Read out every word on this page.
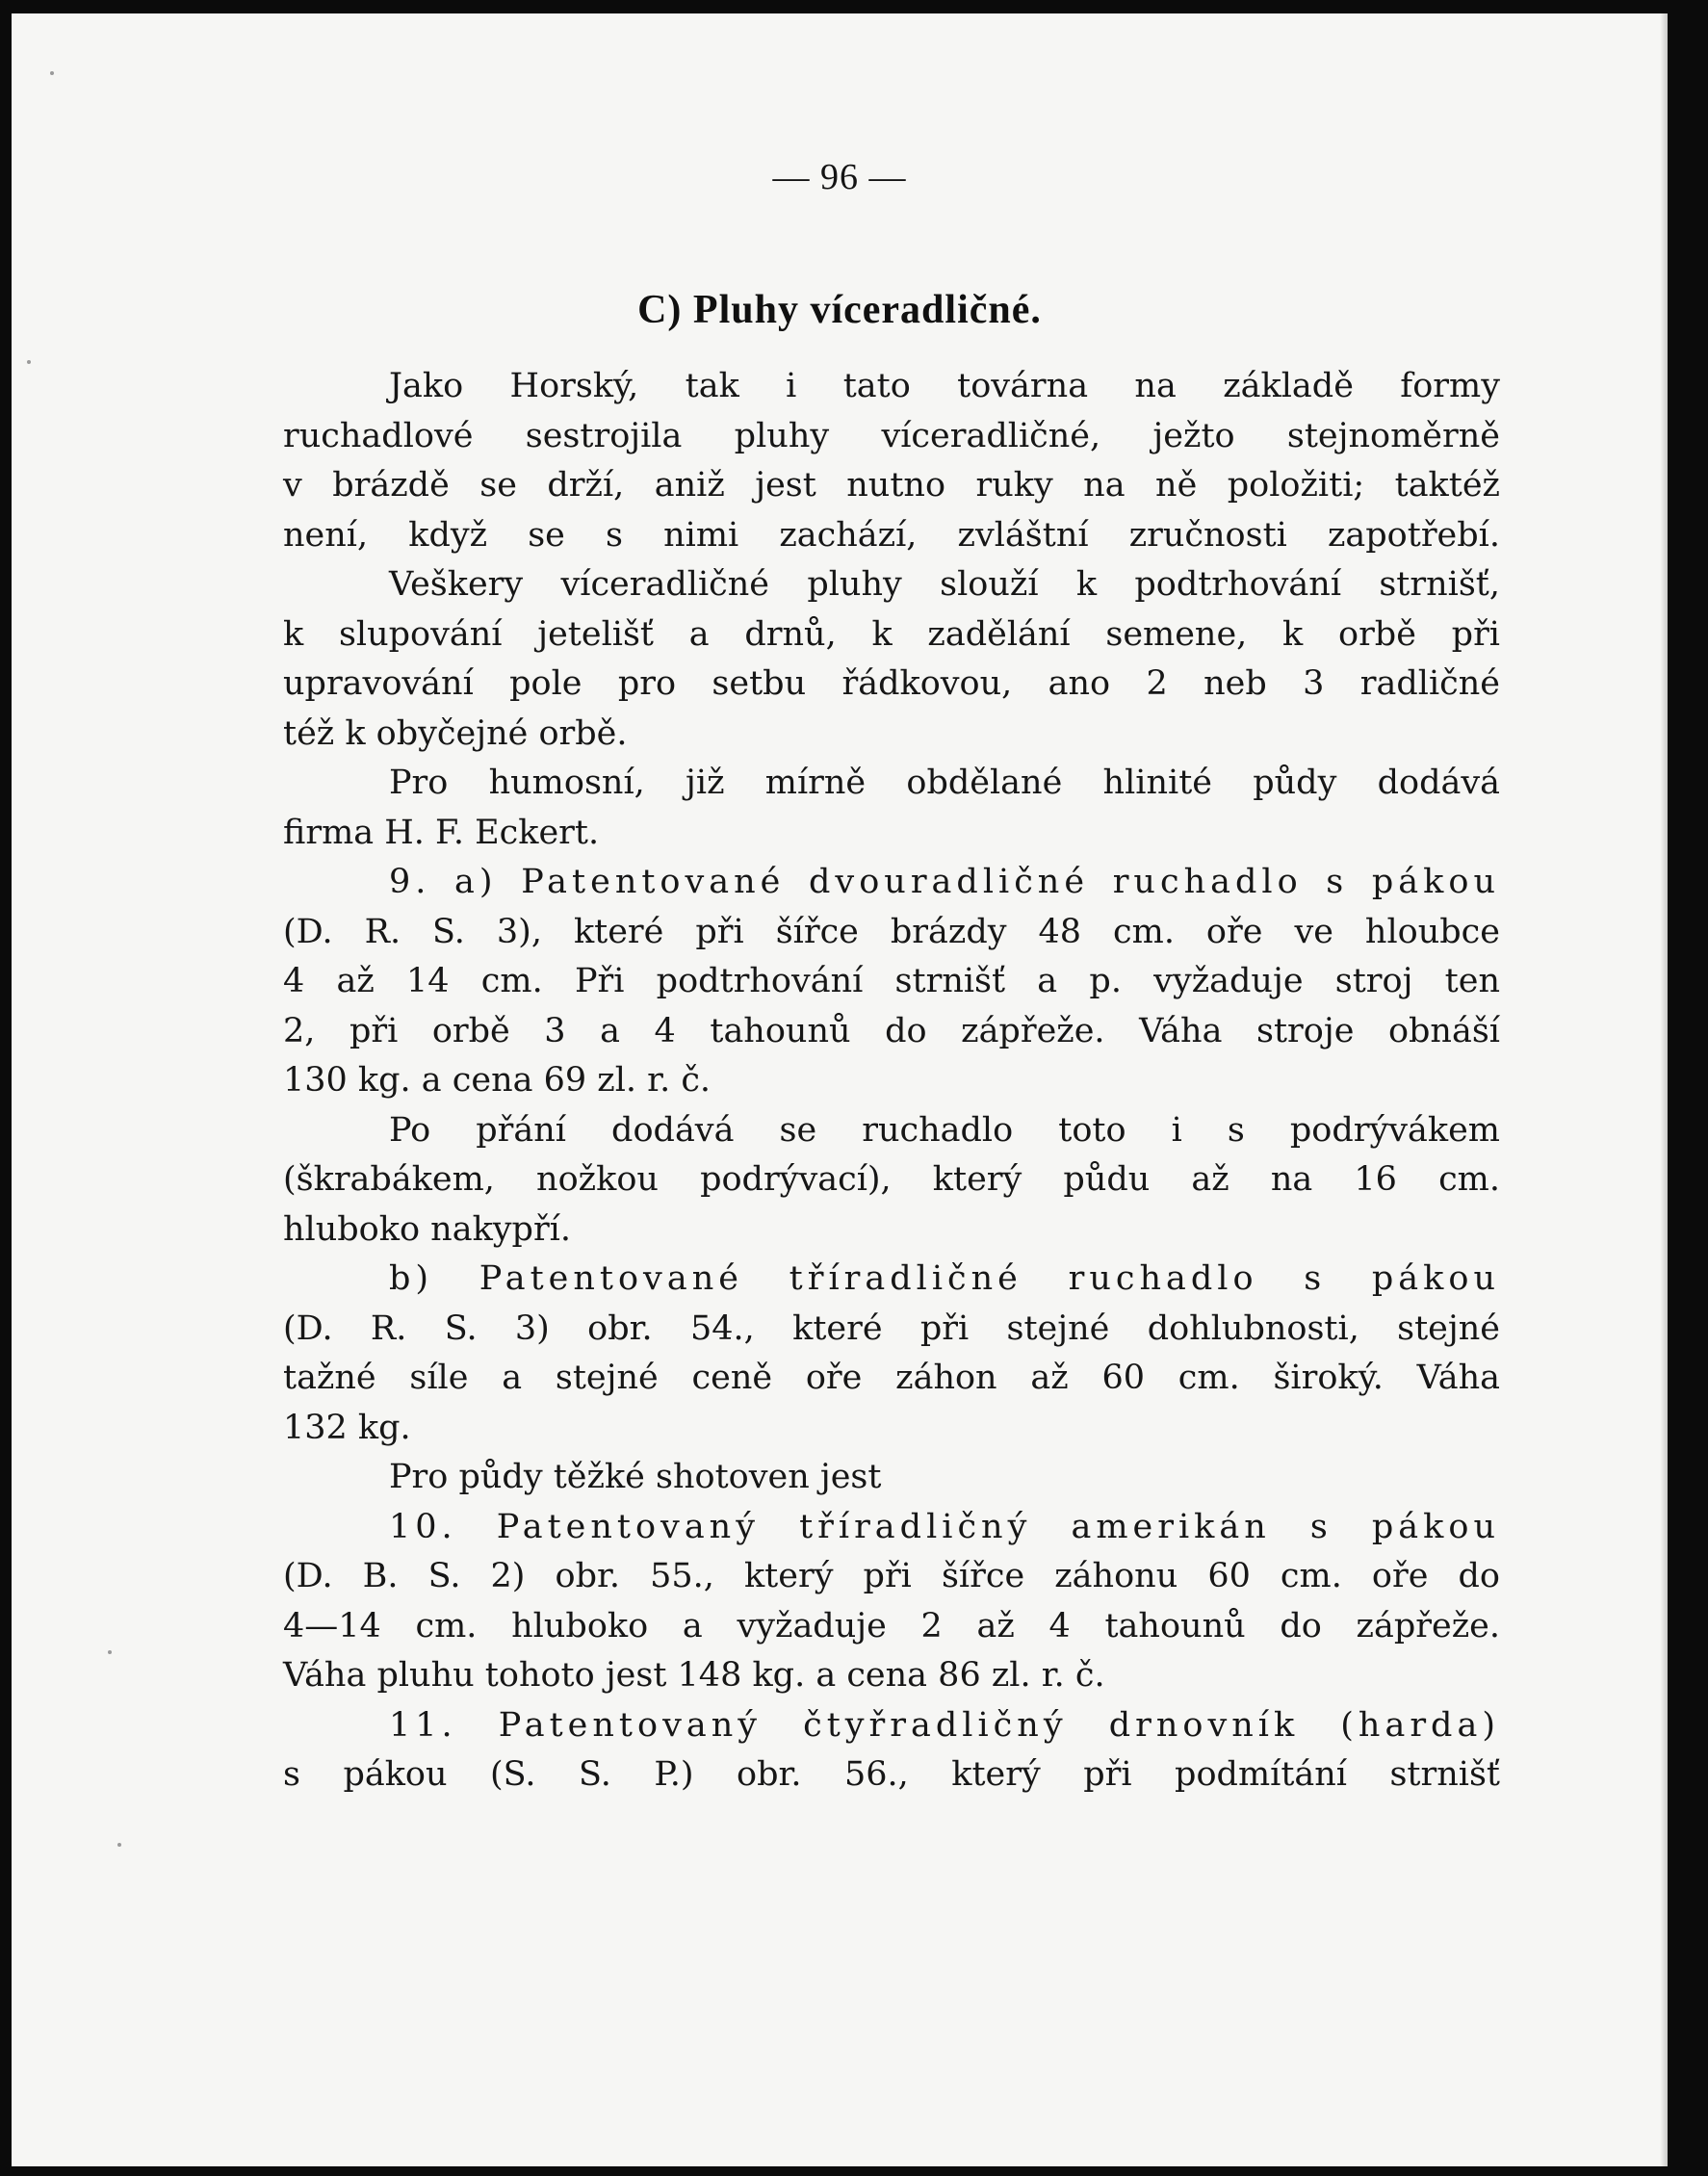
— 96 —
C) Pluhy víceradličné.
Jako Horský, tak i tato továrna na základě formy
ruchadlové sestrojila pluhy víceradličné, ježto stejnoměrně
v brázdě se drží, aniž jest nutno ruky na ně položiti; taktéž
není, když se s nimi zachází, zvláštní zručnosti zapotřebí.
Veškery víceradličné pluhy slouží k podtrhování strnišť,
k slupování jetelišť a drnů, k zadělání semene, k orbě při
upravování pole pro setbu řádkovou, ano 2 neb 3 radličné
též k obyčejné orbě.
Pro humosní, již mírně obdělané hlinité půdy dodává
firma H. F. Eckert.
9. a) Patentované dvouradličné ruchadlo s pákou
(D. R. S. 3), které při šířce brázdy 48 cm. oře ve hloubce
4 až 14 cm. Při podtrhování strnišť a p. vyžaduje stroj ten
2, při orbě 3 a 4 tahounů do zápřeže. Váha stroje obnáší
130 kg. a cena 69 zl. r. č.
Po přání dodává se ruchadlo toto i s podrývákem
(škrabákem, nožkou podrývací), který půdu až na 16 cm.
hluboko nakypří.
b) Patentované tříradličné ruchadlo s pákou
(D. R. S. 3) obr. 54., které při stejné dohlubnosti, stejné
tažné síle a stejné ceně oře záhon až 60 cm. široký. Váha
132 kg.
Pro půdy těžké shotoven jest
10. Patentovaný tříradličný amerikán s pákou
(D. B. S. 2) obr. 55., který při šířce záhonu 60 cm. oře do
4—14 cm. hluboko a vyžaduje 2 až 4 tahounů do zápřeže.
Váha pluhu tohoto jest 148 kg. a cena 86 zl. r. č.
11. Patentovaný čtyřradličný drnovník (harda)
s pákou (S. S. P.) obr. 56., který při podmítání strnišť
